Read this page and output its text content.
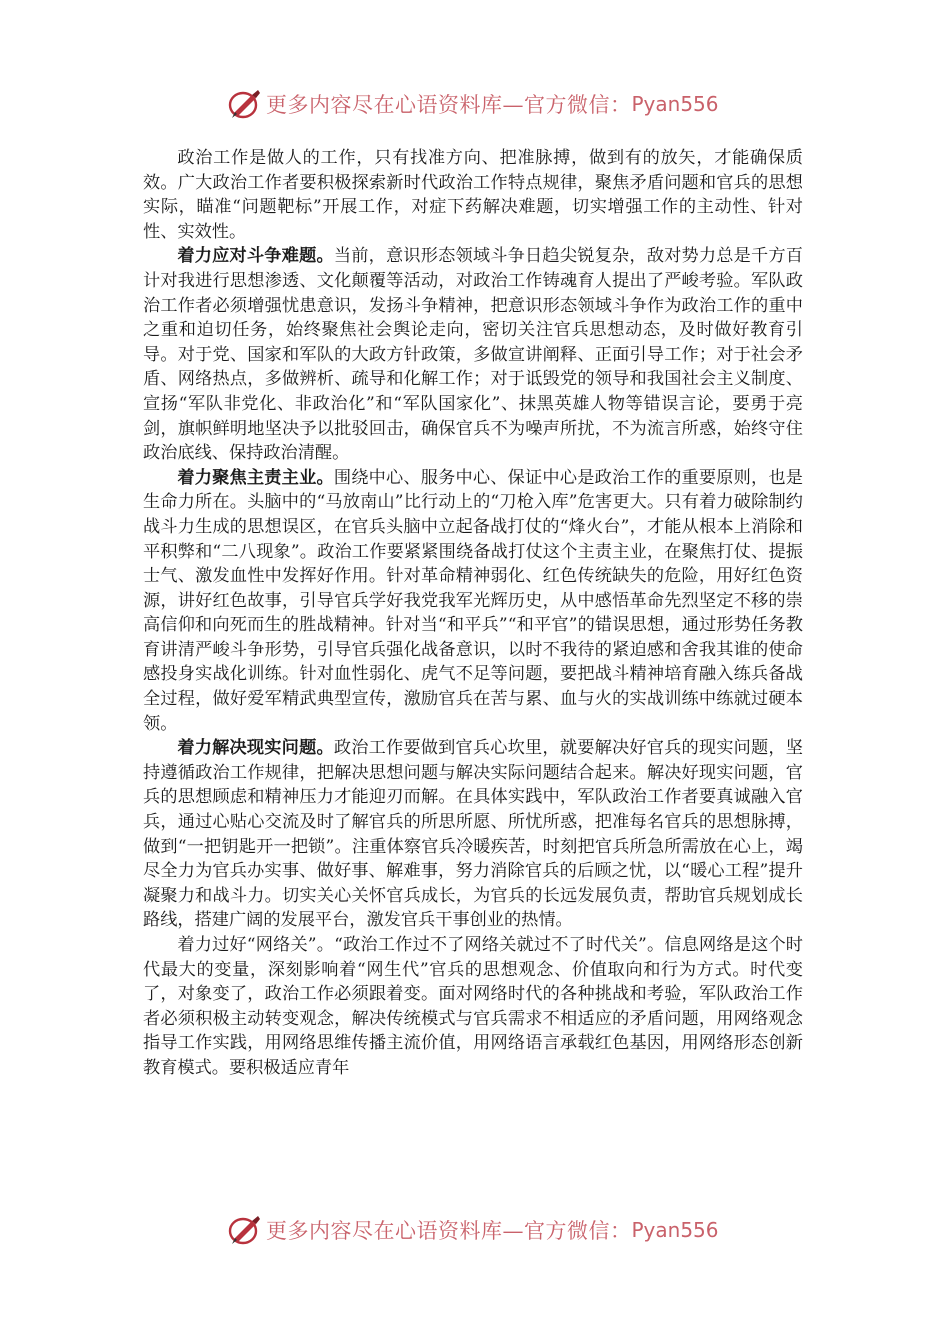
更多内容尽在心语资料库—官方微信： Pyan556

政治工作是做人的工作，只有找准方向、把准脉搏，做到有的放矢，才能确保质效。广大政治工作者要积极探索新时代政治工作特点规律，聚焦矛盾问题和官兵的思想实际，瞄准“问题靶标”开展工作，对症下药解决难题，切实增强工作的主动性、针对性、实效性。

着力应对斗争难题。当前，意识形态领域斗争日趋尖锐复杂，敌对势力总是千方百计对我进行思想渗透、文化颠覆等活动，对政治工作铸魂育人提出了严峻考验。军队政治工作者必须增强忧患意识，发扬斗争精神，把意识形态领域斗争作为政治工作的重中之重和迫切任务，始终聚焦社会舆论走向，密切关注官兵思想动态，及时做好教育引导。对于党、国家和军队的大政方针政策，多做宣讲阐释、正面引导工作；对于社会矛盾、网络热点，多做辨析、疏导和化解工作；对于诋毁党的领导和我国社会主义制度、宣扬“军队非党化、非政治化”和“军队国家化”、抹黑英雄人物等错误言论，要勇于亮剑，旗帜鲜明地坚决予以批驳回击，确保官兵不为噪声所扰，不为流言所惑，始终守住政治底线、保持政治清醒。

着力聚焦主责主业。围绕中心、服务中心、保证中心是政治工作的重要原则，也是生命力所在。头脑中的“马放南山”比行动上的“刀枪入库”危害更大。只有着力破除制约战斗力生成的思想误区，在官兵头脑中立起备战打仗的“烽火台”，才能从根本上消除和平积弊和“二八现象”。政治工作要紧紧围绕备战打仗这个主责主业，在聚焦打仗、提振士气、激发血性中发挥好作用。针对革命精神弱化、红色传统缺失的危险，用好红色资源，讲好红色故事，引导官兵学好我党我军光辉历史，从中感悟革命先烈坚定不移的崇高信仰和向死而生的胜战精神。针对当“和平兵”“和平官”的错误思想，通过形势任务教育讲清严峻斗争形势，引导官兵强化战备意识，以时不我待的紧迫感和舍我其谁的使命感投身实战化训练。针对血性弱化、虎气不足等问题，要把战斗精神培育融入练兵备战全过程，做好爱军精武典型宣传，激励官兵在苦与累、血与火的实战训练中练就过硬本领。

着力解决现实问题。政治工作要做到官兵心坎里，就要解决好官兵的现实问题，坚持遵循政治工作规律，把解决思想问题与解决实际问题结合起来。解决好现实问题，官兵的思想顾虑和精神压力才能迎刃而解。在具体实践中，军队政治工作者要真诚融入官兵，通过心贴心交流及时了解官兵的所思所愿、所忧所惑，把准每名官兵的思想脉搏，做到“一把钥匙开一把锁”。注重体察官兵冷暖疾苦，时刻把官兵所急所需放在心上，竭尽全力为官兵办实事、做好事、解难事，努力消除官兵的后顾之忧，以“暖心工程”提升凝聚力和战斗力。切实关心关怀官兵成长，为官兵的长远发展负责，帮助官兵规划成长路线，搭建广阔的发展平台，激发官兵干事创业的热情。

着力过好“网络关”。“政治工作过不了网络关就过不了时代关”。信息网络是这个时代最大的变量，深刻影响着“网生代”官兵的思想观念、价值取向和行为方式。时代变了，对象变了，政治工作必须跟着变。面对网络时代的各种挑战和考验，军队政治工作者必须积极主动转变观念，解决传统模式与官兵需求不相适应的矛盾问题，用网络观念指导工作实践，用网络思维传播主流价值，用网络语言承载红色基因，用网络形态创新教育模式。要积极适应青年

更多内容尽在心语资料库—官方微信： Pyan556
